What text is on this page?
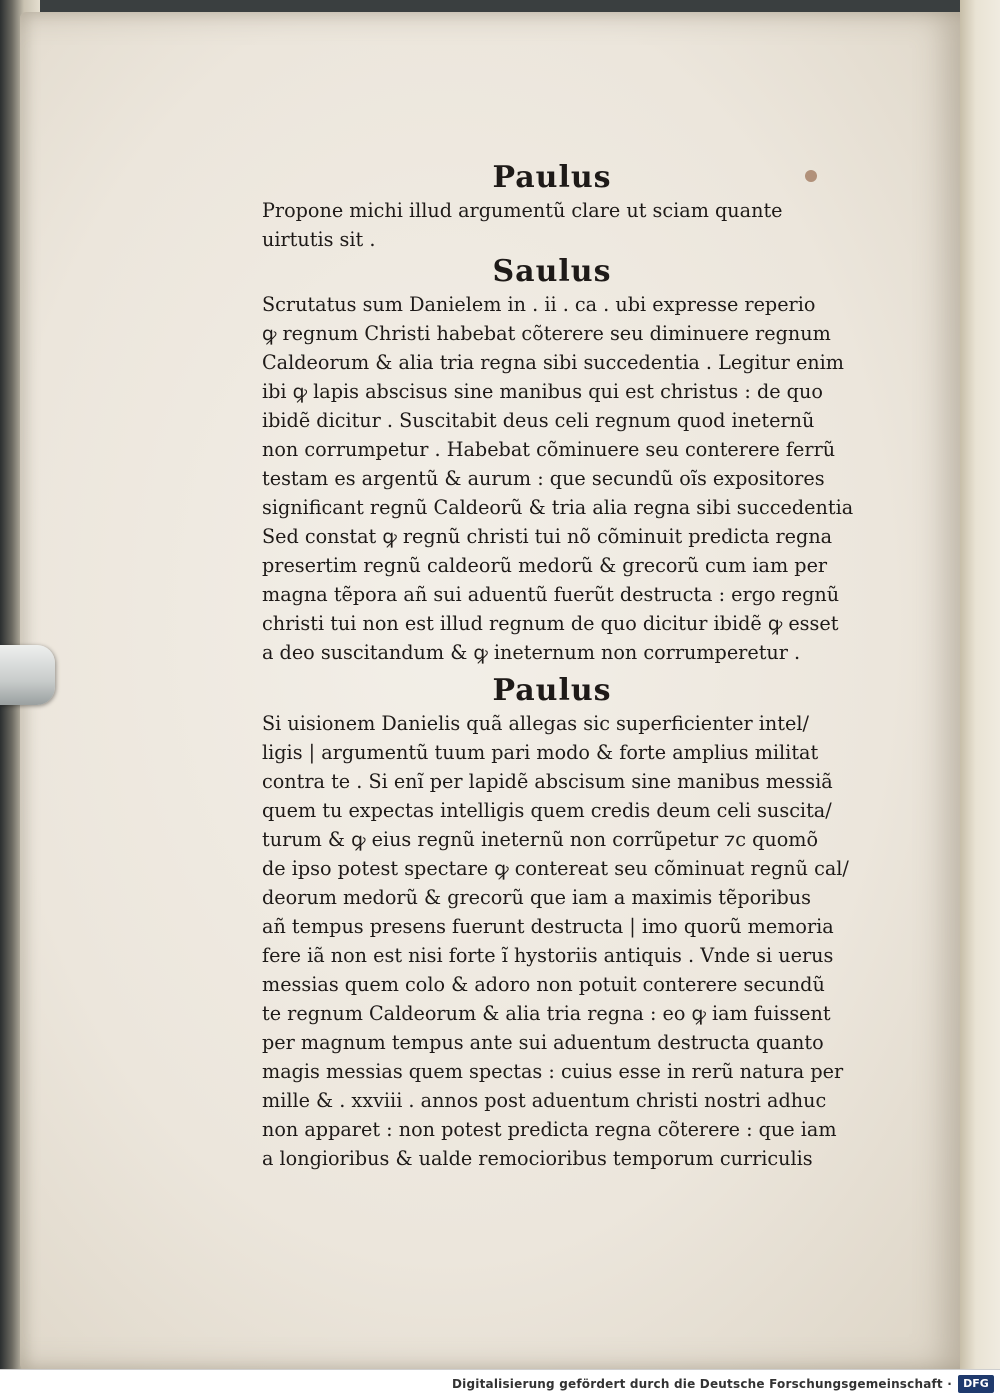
Paulus
Propone michi illud argumentũ clare ut sciam quante
uirtutis sit .
Saulus
Scrutatus sum Danielem in . ii . ca . ubi expresse reperio
ꝙ regnum Christi habebat cõterere seu diminuere regnum
Caldeorum & alia tria regna sibi succedentia . Legitur enim
ibi ꝙ lapis abscisus sine manibus qui est christus : de quo
ibidẽ dicitur . Suscitabit deus celi regnum quod ineternũ
non corrumpetur . Habebat cõminuere seu conterere ferrũ
testam es argentũ & aurum : que secundũ oĩs expositores
significant regnũ Caldeorũ & tria alia regna sibi succedentia
Sed constat ꝙ regnũ christi tui nõ cõminuit predicta regna
presertim regnũ caldeorũ medorũ & grecorũ cum iam per
magna tẽpora añ sui aduentũ fuerũt destructa : ergo regnũ
christi tui non est illud regnum de quo dicitur ibidẽ ꝙ esset
a deo suscitandum & ꝙ ineternum non corrumperetur .
Paulus
Si uisionem Danielis quã allegas sic superficienter intel/
ligis | argumentũ tuum pari modo & forte amplius militat
contra te . Si enĩ per lapidẽ abscisum sine manibus messiã
quem tu expectas intelligis quem credis deum celi suscita/
turum & ꝙ eius regnũ ineternũ non corrũpetur ⁊c quomõ
de ipso potest spectare ꝙ contereat seu cõminuat regnũ cal/
deorum medorũ & grecorũ que iam a maximis tẽporibus
añ tempus presens fuerunt destructa | imo quorũ memoria
fere iã non est nisi forte ĩ hystoriis antiquis . Vnde si uerus
messias quem colo & adoro non potuit conterere secundũ
te regnum Caldeorum & alia tria regna : eo ꝙ iam fuissent
per magnum tempus ante sui aduentum destructa quanto
magis messias quem spectas : cuius esse in rerũ natura per
mille & . xxviii . annos post aduentum christi nostri adhuc
non apparet : non potest predicta regna cõterere : que iam
a longioribus & ualde remocioribus temporum curriculis
Digitalisierung gefördert durch die Deutsche Forschungsgemeinschaft ·	DFG
